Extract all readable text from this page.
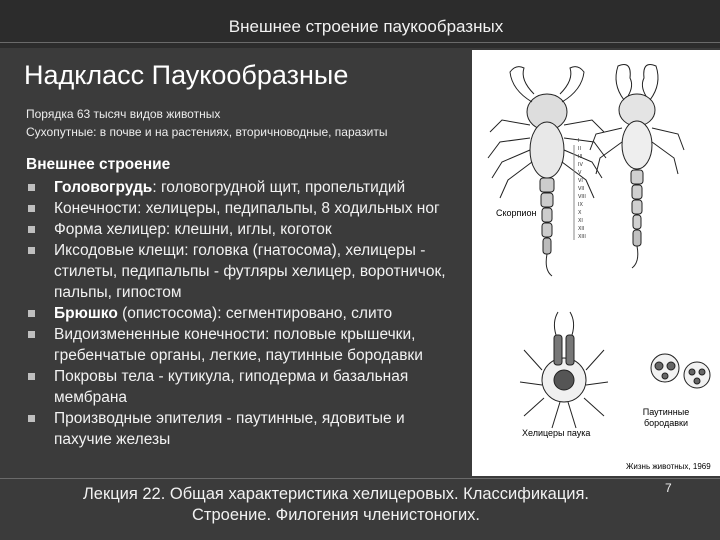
Внешнее строение паукообразных
Надкласс Паукообразные
Порядка 63 тысяч видов животных
Сухопутные: в почве и на растениях, вторичноводные, паразиты
Внешнее строение
Головогрудь: головогрудной щит, пропельтидий
Конечности: хелицеры, педипальпы, 8 ходильных ног
Форма хелицер: клешни, иглы, коготок
Иксодовые клещи: головка (гнатосома), хелицеры - стилеты, педипальпы - футляры хелицер, воротничок, пальпы, гипостом
Брюшко (опистосома): сегментировано, слито
Видоизмененные конечности: половые крышечки, гребенчатые органы, легкие, паутинные бородавки
Покровы тела - кутикула, гиподерма и базальная мембрана
Производные эпителия - паутинные, ядовитые и пахучие железы
I
II
III
IV
V
VI
VII
VIII
IX
X
XI
XII
XIII
Скорпион
Хелицеры паука
Паутинные бородавки
Жизнь животных, 1969
Лекция 22. Общая характеристика хелицеровых. Классификация.
Строение. Филогения членистоногих.
7
